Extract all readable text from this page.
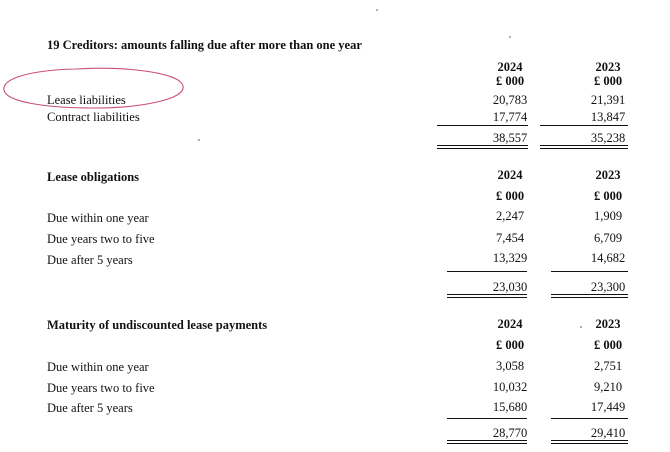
19 Creditors: amounts falling due after more than one year
2024	2023
£ 000	£ 000
Lease liabilities	20,783	21,391
Contract liabilities	17,774	13,847
38,557	35,238
Lease obligations	2024	2023
£ 000	£ 000
Due within one year	2,247	1,909
Due years two to five	7,454	6,709
Due after 5 years	13,329	14,682
23,030	23,300
Maturity of undiscounted lease payments	2024	2023
£ 000	£ 000
Due within one year	3,058	2,751
Due years two to five	10,032	9,210
Due after 5 years	15,680	17,449
28,770	29,410
